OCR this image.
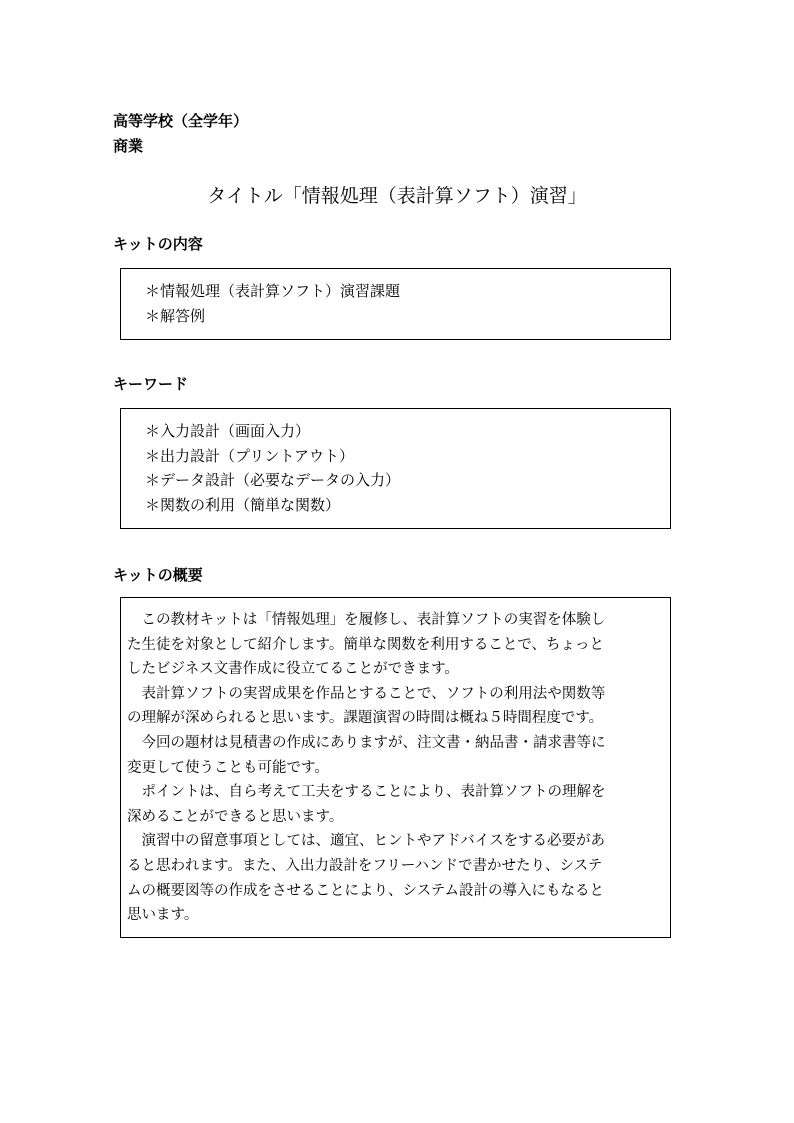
高等学校（全学年）
商業
タイトル「情報処理（表計算ソフト）演習」
キットの内容
＊情報処理（表計算ソフト）演習課題
＊解答例
キーワード
＊入力設計（画面入力）
＊出力設計（プリントアウト）
＊データ設計（必要なデータの入力）
＊関数の利用（簡単な関数）
キットの概要

　この教材キットは「情報処理」を履修し、表計算ソフトの実習を体験し
た生徒を対象として紹介します。簡単な関数を利用することで、ちょっと
したビジネス文書作成に役立てることができます。
　表計算ソフトの実習成果を作品とすることで、ソフトの利用法や関数等
の理解が深められると思います。課題演習の時間は概ね５時間程度です。
　今回の題材は見積書の作成にありますが、注文書・納品書・請求書等に
変更して使うことも可能です。
　ポイントは、自ら考えて工夫をすることにより、表計算ソフトの理解を
深めることができると思います。
　演習中の留意事項としては、適宜、ヒントやアドバイスをする必要があ
ると思われます。また、入出力設計をフリーハンドで書かせたり、システ
ムの概要図等の作成をさせることにより、システム設計の導入にもなると
思います。
